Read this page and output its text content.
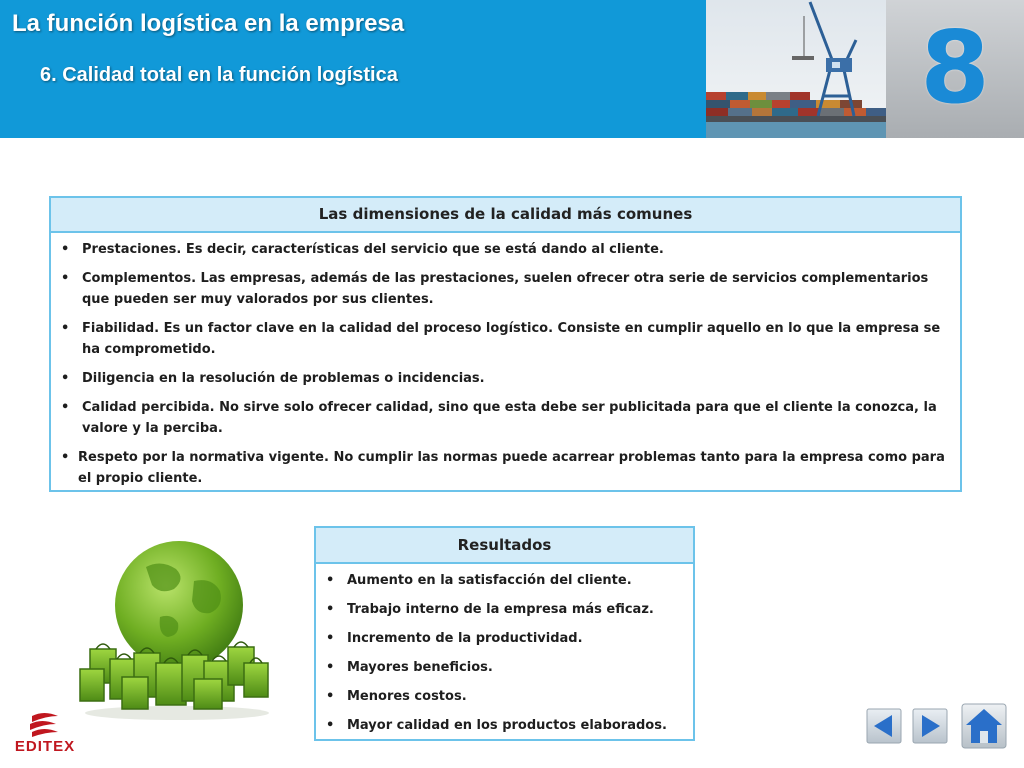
La función logística en la empresa
6. Calidad total en la función logística	8
Las dimensiones de la calidad más comunes
• Prestaciones. Es decir, características del servicio que se está dando al cliente.
• Complementos. Las empresas, además de las prestaciones, suelen ofrecer otra serie de servicios complementarios que pueden ser muy valorados por sus clientes.
• Fiabilidad. Es un factor clave en la calidad del proceso logístico. Consiste en cumplir aquello en lo que la empresa se ha comprometido.
• Diligencia en la resolución de problemas o incidencias.
• Calidad percibida. No sirve solo ofrecer calidad, sino que esta debe ser publicitada para que el cliente la conozca, la valore y la perciba.
• Respeto por la normativa vigente. No cumplir las normas puede acarrear problemas tanto para la empresa como para el propio cliente.
Resultados
• Aumento en la satisfacción del cliente.
• Trabajo interno de la empresa más eficaz.
• Incremento de la productividad.
• Mayores beneficios.
• Menores costos.
• Mayor calidad en los productos elaborados.
EDITEX
